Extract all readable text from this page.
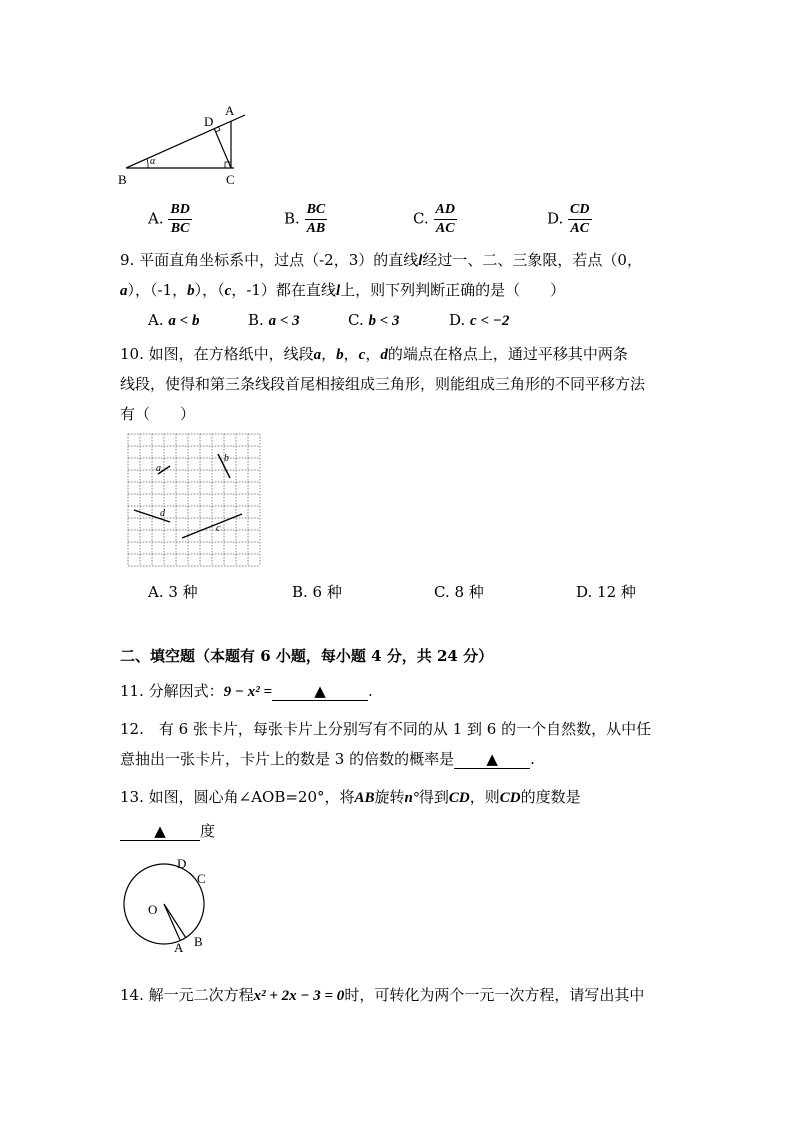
α
B	C
D
A
A. $\frac{BD}{BC}$	B. $\frac{BC}{AB}$	C. $\frac{AD}{AC}$	D. $\frac{CD}{AC}$
9. 平面直角坐标系中，过点（-2，3）的直线l经过一、二、三象限，若点（0，
a），（-1，b），（c，-1）都在直线l上，则下列判断正确的是（　　）
A. a < b	B. a < 3	C. b < 3	D. c < −2
10. 如图，在方格纸中，线段a，b，c，d的端点在格点上，通过平移其中两条
线段，使得和第三条线段首尾相接组成三角形，则能组成三角形的不同平移方法
有（　　）
a
b
d
c
A. 3 种	B. 6 种	C. 8 种	D. 12 种
二、填空题（本题有 6 小题，每小题 4 分，共 24 分）
11. 分解因式：9 − x² =	▲	.
12.　有 6 张卡片，每张卡片上分别写有不同的从 1 到 6 的一个自然数，从中任
意抽出一张卡片，卡片上的数是 3 的倍数的概率是 ▲ .
13. 如图，圆心角∠AOB=20°，将AB旋转n°得到CD，则CD的度数是
▲ 度
O
A B
C
D
14. 解一元二次方程x² + 2x − 3 = 0时，可转化为两个一元一次方程，请写出其中
